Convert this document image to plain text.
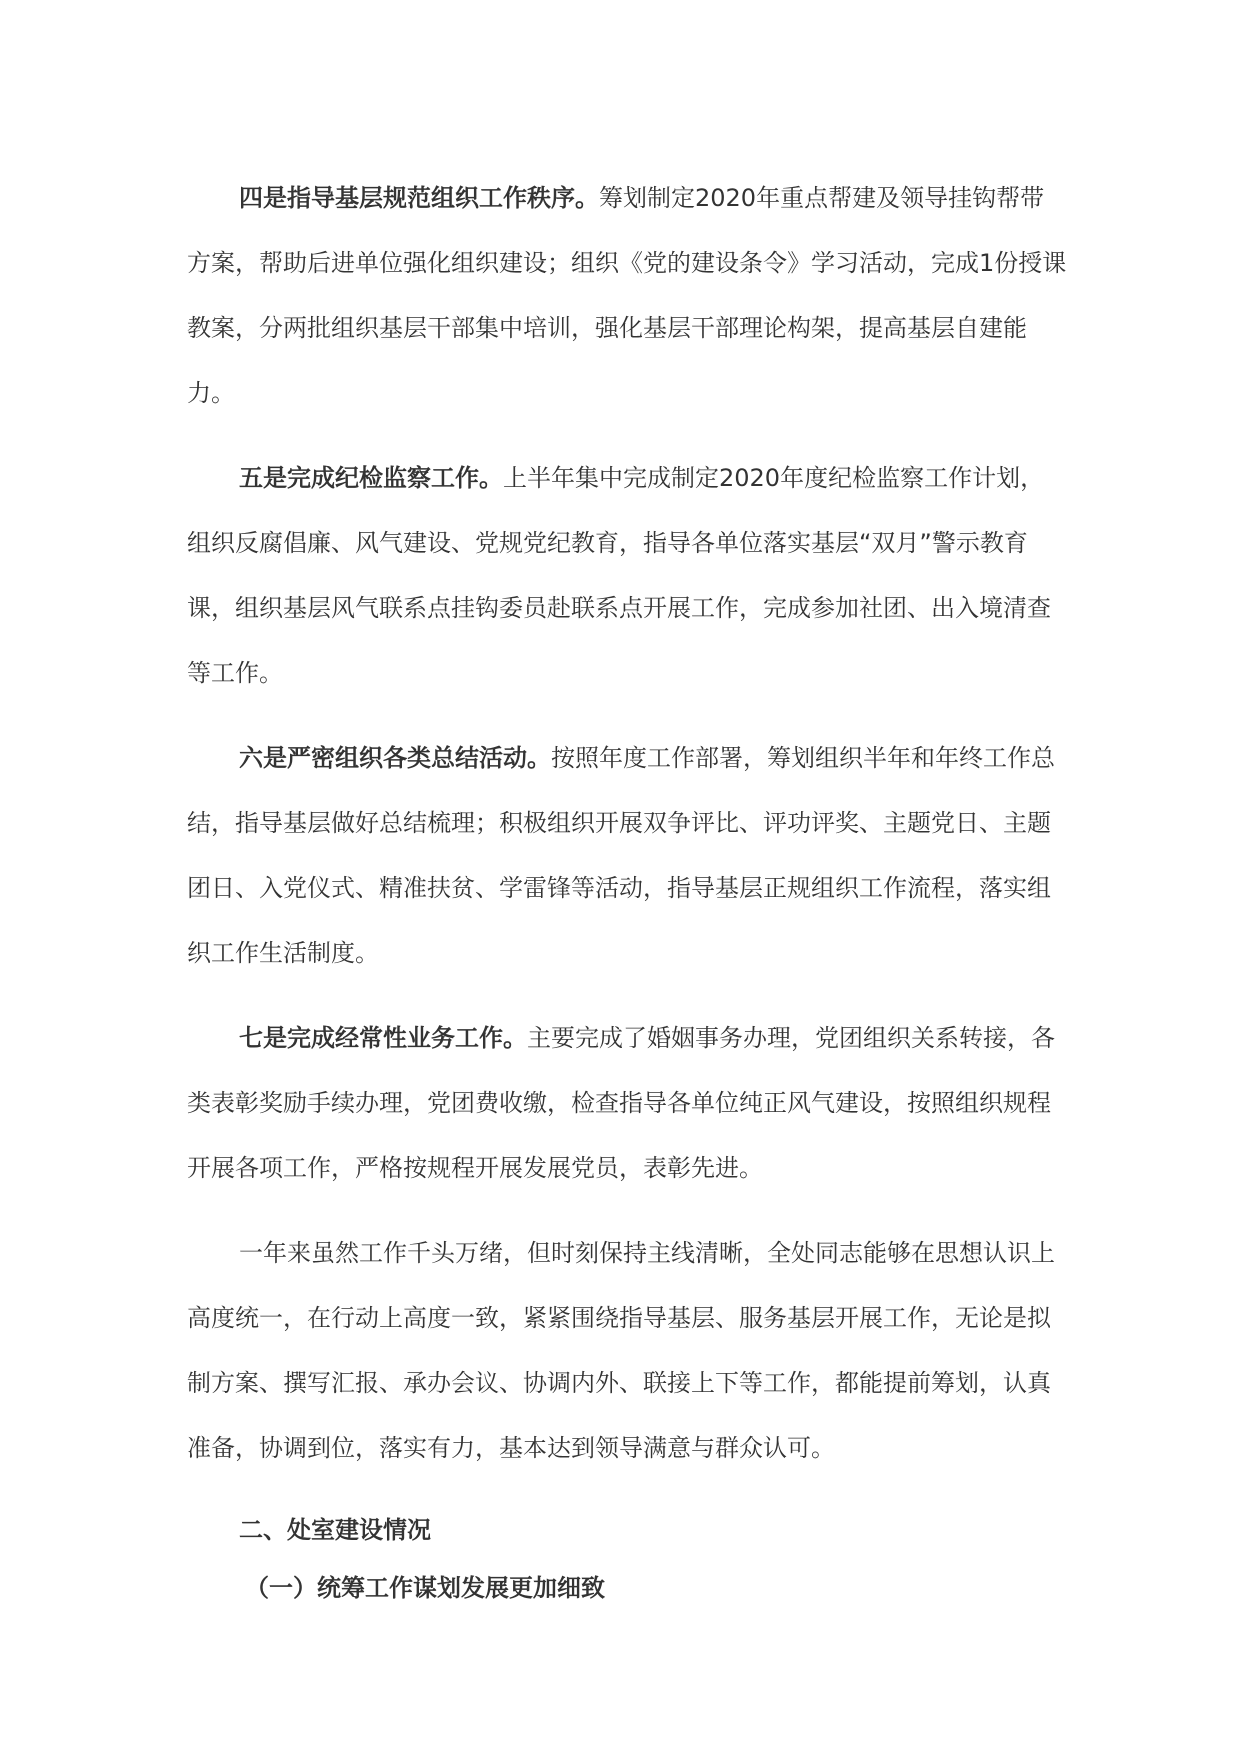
四是指导基层规范组织工作秩序。筹划制定2020年重点帮建及领导挂钩帮带方案，帮助后进单位强化组织建设；组织《党的建设条令》学习活动，完成1份授课教案，分两批组织基层干部集中培训，强化基层干部理论构架，提高基层自建能力。

五是完成纪检监察工作。上半年集中完成制定2020年度纪检监察工作计划，组织反腐倡廉、风气建设、党规党纪教育，指导各单位落实基层“双月”警示教育课，组织基层风气联系点挂钩委员赴联系点开展工作，完成参加社团、出入境清查等工作。

六是严密组织各类总结活动。按照年度工作部署，筹划组织半年和年终工作总结，指导基层做好总结梳理；积极组织开展双争评比、评功评奖、主题党日、主题团日、入党仪式、精准扶贫、学雷锋等活动，指导基层正规组织工作流程，落实组织工作生活制度。

七是完成经常性业务工作。主要完成了婚姻事务办理，党团组织关系转接，各类表彰奖励手续办理，党团费收缴，检查指导各单位纯正风气建设，按照组织规程开展各项工作，严格按规程开展发展党员，表彰先进。

一年来虽然工作千头万绪，但时刻保持主线清晰，全处同志能够在思想认识上高度统一，在行动上高度一致，紧紧围绕指导基层、服务基层开展工作，无论是拟制方案、撰写汇报、承办会议、协调内外、联接上下等工作，都能提前筹划，认真准备，协调到位，落实有力，基本达到领导满意与群众认可。

二、处室建设情况

（一）统筹工作谋划发展更加细致
